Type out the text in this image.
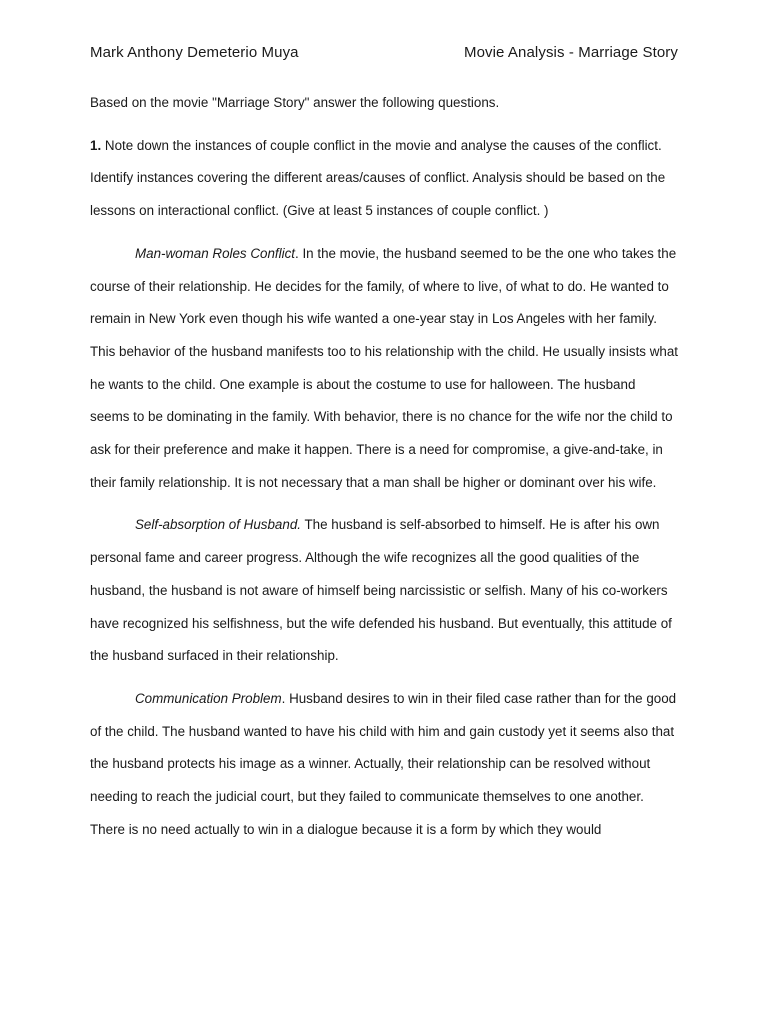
Mark Anthony Demeterio Muya	Movie Analysis - Marriage Story

Based on the movie "Marriage Story" answer the following questions.

1. Note down the instances of couple conflict in the movie and analyse the causes of the conflict. Identify instances covering the different areas/causes of conflict. Analysis should be based on the lessons on interactional conflict. (Give at least 5 instances of couple conflict. )

Man-woman Roles Conflict. In the movie, the husband seemed to be the one who takes the course of their relationship. He decides for the family, of where to live, of what to do. He wanted to remain in New York even though his wife wanted a one-year stay in Los Angeles with her family. This behavior of the husband manifests too to his relationship with the child. He usually insists what he wants to the child. One example is about the costume to use for halloween. The husband seems to be dominating in the family. With behavior, there is no chance for the wife nor the child to ask for their preference and make it happen. There is a need for compromise, a give-and-take, in their family relationship. It is not necessary that a man shall be higher or dominant over his wife.

Self-absorption of Husband. The husband is self-absorbed to himself. He is after his own personal fame and career progress. Although the wife recognizes all the good qualities of the husband, the husband is not aware of himself being narcissistic or selfish. Many of his co-workers have recognized his selfishness, but the wife defended his husband. But eventually, this attitude of the husband surfaced in their relationship.

Communication Problem. Husband desires to win in their filed case rather than for the good of the child. The husband wanted to have his child with him and gain custody yet it seems also that the husband protects his image as a winner. Actually, their relationship can be resolved without needing to reach the judicial court, but they failed to communicate themselves to one another. There is no need actually to win in a dialogue because it is a form by which they would
